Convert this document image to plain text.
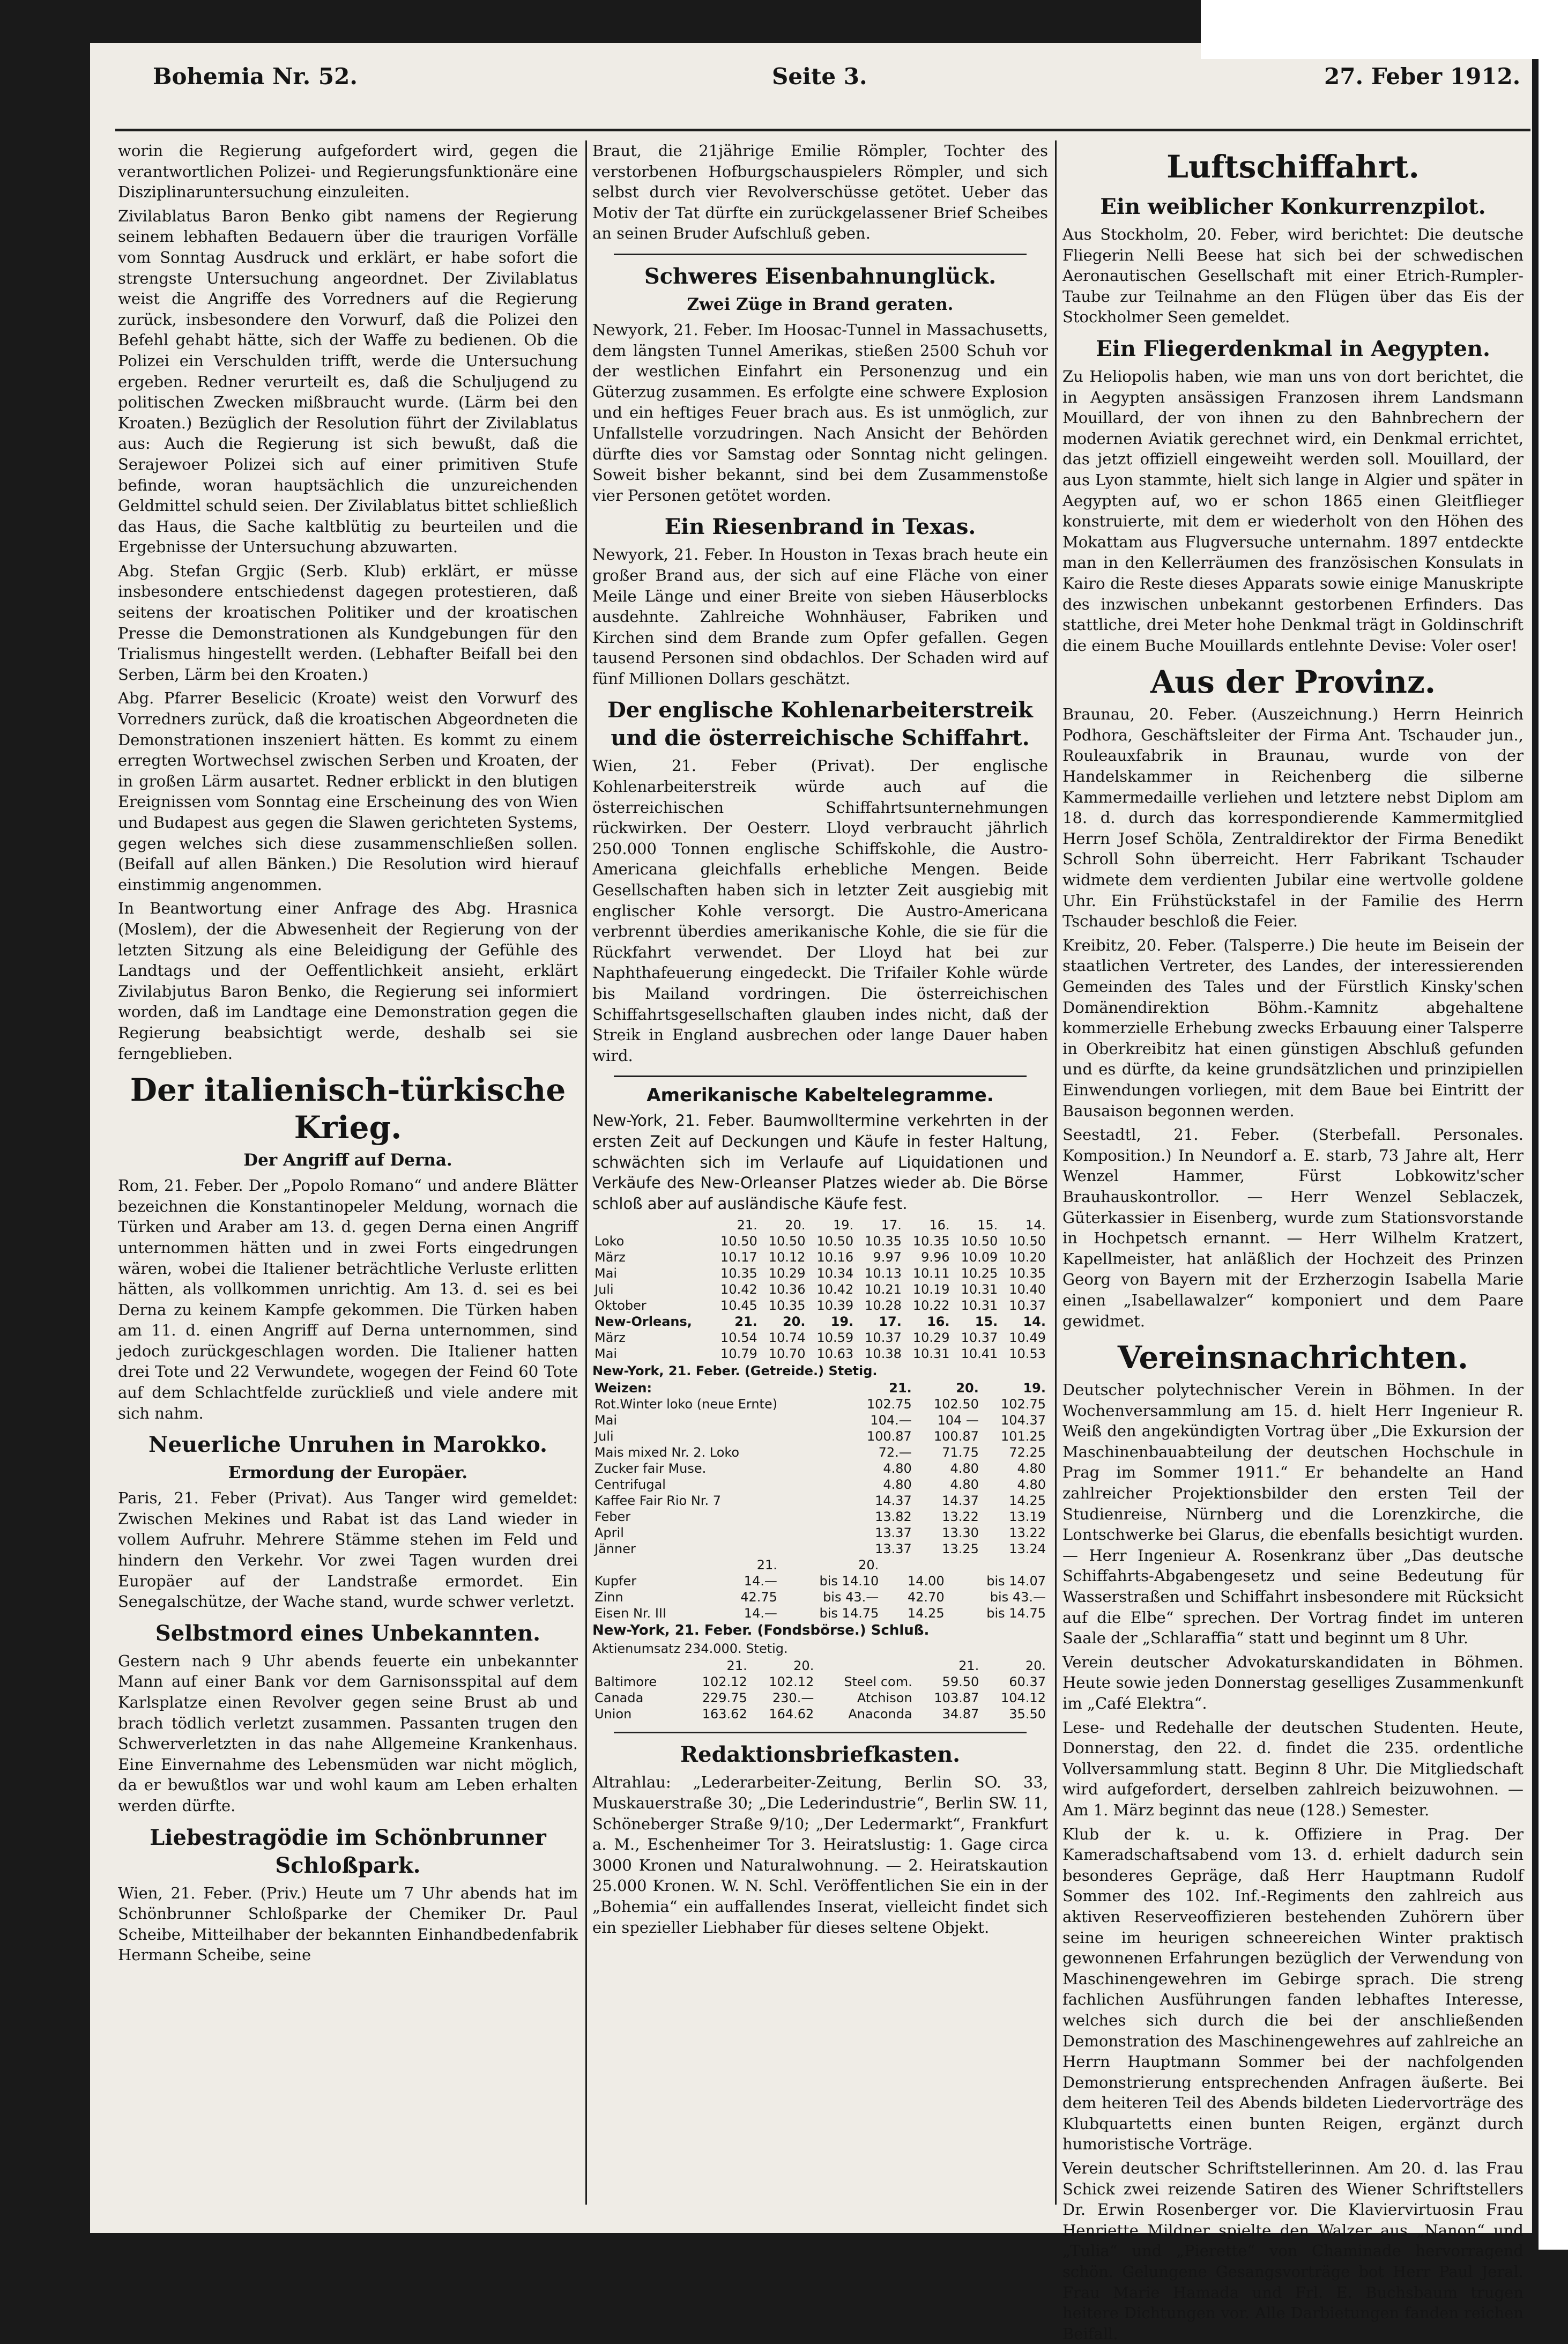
Bohemia Nr. 52.	Seite 3.	27. Feber 1912.

worin die Regierung aufgefordert wird, gegen die verantwortlichen Polizei- und Regierungsfunktionäre eine Disziplinaruntersuchung einzuleiten.

Zivilablatus Baron Benko gibt namens der Regierung seinem lebhaften Bedauern über die traurigen Vorfälle vom Sonntag Ausdruck und erklärt, er habe sofort die strengste Untersuchung angeordnet. Der Zivilablatus weist die Angriffe des Vorredners auf die Regierung zurück, insbesondere den Vorwurf, daß die Polizei den Befehl gehabt hätte, sich der Waffe zu bedienen. Ob die Polizei ein Verschulden trifft, werde die Untersuchung ergeben. Redner verurteilt es, daß die Schuljugend zu politischen Zwecken mißbraucht wurde. (Lärm bei den Kroaten.) Bezüglich der Resolution führt der Zivilablatus aus: Auch die Regierung ist sich bewußt, daß die Serajewoer Polizei sich auf einer primitiven Stufe befinde, woran hauptsächlich die unzureichenden Geldmittel schuld seien. Der Zivilablatus bittet schließlich das Haus, die Sache kaltblütig zu beurteilen und die Ergebnisse der Untersuchung abzuwarten.

Abg. Stefan Grgjic (Serb. Klub) erklärt, er müsse insbesondere entschiedenst dagegen protestieren, daß seitens der kroatischen Politiker und der kroatischen Presse die Demonstrationen als Kundgebungen für den Trialismus hingestellt werden. (Lebhafter Beifall bei den Serben, Lärm bei den Kroaten.)

Abg. Pfarrer Beselicic (Kroate) weist den Vorwurf des Vorredners zurück, daß die kroatischen Abgeordneten die Demonstrationen inszeniert hätten. Es kommt zu einem erregten Wortwechsel zwischen Serben und Kroaten, der in großen Lärm ausartet. Redner erblickt in den blutigen Ereignissen vom Sonntag eine Erscheinung des von Wien und Budapest aus gegen die Slawen gerichteten Systems, gegen welches sich diese zusammenschließen sollen. (Beifall auf allen Bänken.) Die Resolution wird hierauf einstimmig angenommen.

In Beantwortung einer Anfrage des Abg. Hrasnica (Moslem), der die Abwesenheit der Regierung von der letzten Sitzung als eine Beleidigung der Gefühle des Landtags und der Oeffentlichkeit ansieht, erklärt Zivilabjutus Baron Benko, die Regierung sei informiert worden, daß im Landtage eine Demonstration gegen die Regierung beabsichtigt werde, deshalb sei sie ferngeblieben.

Der italienisch-türkische Krieg.
Der Angriff auf Derna.

Rom, 21. Feber. Der „Popolo Romano“ und andere Blätter bezeichnen die Konstantinopeler Meldung, wornach die Türken und Araber am 13. d. gegen Derna einen Angriff unternommen hätten und in zwei Forts eingedrungen wären, wobei die Italiener beträchtliche Verluste erlitten hätten, als vollkommen unrichtig. Am 13. d. sei es bei Derna zu keinem Kampfe gekommen. Die Türken haben am 11. d. einen Angriff auf Derna unternommen, sind jedoch zurückgeschlagen worden. Die Italiener hatten drei Tote und 22 Verwundete, wogegen der Feind 60 Tote auf dem Schlachtfelde zurückließ und viele andere mit sich nahm.

Neuerliche Unruhen in Marokko.
Ermordung der Europäer.

Paris, 21. Feber (Privat). Aus Tanger wird gemeldet: Zwischen Mekines und Rabat ist das Land wieder in vollem Aufruhr. Mehrere Stämme stehen im Feld und hindern den Verkehr. Vor zwei Tagen wurden drei Europäer auf der Landstraße ermordet. Ein Senegalschütze, der Wache stand, wurde schwer verletzt.

Selbstmord eines Unbekannten.

Gestern nach 9 Uhr abends feuerte ein unbekannter Mann auf einer Bank vor dem Garnisonsspital auf dem Karlsplatze einen Revolver gegen seine Brust ab und brach tödlich verletzt zusammen. Passanten trugen den Schwerverletzten in das nahe Allgemeine Krankenhaus. Eine Einvernahme des Lebensmüden war nicht möglich, da er bewußtlos war und wohl kaum am Leben erhalten werden dürfte.

Liebestragödie im Schönbrunner Schloßpark.

Wien, 21. Feber. (Priv.) Heute um 7 Uhr abends hat im Schönbrunner Schloßparke der Chemiker Dr. Paul Scheibe, Mitteilhaber der bekannten Einhandbedenfabrik Hermann Scheibe, seine

Braut, die 21jährige Emilie Römpler, Tochter des verstorbenen Hofburgschauspielers Römpler, und sich selbst durch vier Revolverschüsse getötet. Ueber das Motiv der Tat dürfte ein zurückgelassener Brief Scheibes an seinen Bruder Aufschluß geben.

Schweres Eisenbahnunglück.
Zwei Züge in Brand geraten.

Newyork, 21. Feber. Im Hoosac-Tunnel in Massachusetts, dem längsten Tunnel Amerikas, stießen 2500 Schuh vor der westlichen Einfahrt ein Personenzug und ein Güterzug zusammen. Es erfolgte eine schwere Explosion und ein heftiges Feuer brach aus. Es ist unmöglich, zur Unfallstelle vorzudringen. Nach Ansicht der Behörden dürfte dies vor Samstag oder Sonntag nicht gelingen. Soweit bisher bekannt, sind bei dem Zusammenstoße vier Personen getötet worden.

Ein Riesenbrand in Texas.

Newyork, 21. Feber. In Houston in Texas brach heute ein großer Brand aus, der sich auf eine Fläche von einer Meile Länge und einer Breite von sieben Häuserblocks ausdehnte. Zahlreiche Wohnhäuser, Fabriken und Kirchen sind dem Brande zum Opfer gefallen. Gegen tausend Personen sind obdachlos. Der Schaden wird auf fünf Millionen Dollars geschätzt.

Der englische Kohlenarbeiterstreik und die österreichische Schiffahrt.

Wien, 21. Feber (Privat). Der englische Kohlenarbeiterstreik würde auch auf die österreichischen Schiffahrtsunternehmungen rückwirken. Der Oesterr. Lloyd verbraucht jährlich 250.000 Tonnen englische Schiffskohle, die Austro-Americana gleichfalls erhebliche Mengen. Beide Gesellschaften haben sich in letzter Zeit ausgiebig mit englischer Kohle versorgt. Die Austro-Americana verbrennt überdies amerikanische Kohle, die sie für die Rückfahrt verwendet. Der Lloyd hat bei zur Naphthafeuerung eingedeckt. Die Trifailer Kohle würde bis Mailand vordringen. Die österreichischen Schiffahrtsgesellschaften glauben indes nicht, daß der Streik in England ausbrechen oder lange Dauer haben wird.

Amerikanische Kabeltelegramme.

New-York, 21. Feber. Baumwolltermine verkehrten in der ersten Zeit auf Deckungen und Käufe in fester Haltung, schwächten sich im Verlaufe auf Liquidationen und Verkäufe des New-Orleanser Platzes wieder ab. Die Börse schloß aber auf ausländische Käufe fest.

	21.	20.	19.	17.	16.	15.	14.
Loko	10.50	10.50	10.50	10.35	10.35	10.50	10.50
März	10.17	10.12	10.16	9.97	9.96	10.09	10.20
Mai	10.35	10.29	10.34	10.13	10.11	10.25	10.35
Juli	10.42	10.36	10.42	10.21	10.19	10.31	10.40
Oktober	10.45	10.35	10.39	10.28	10.22	10.31	10.37
New-Orleans,	21.	20.	19.	17.	16.	15.	14.
März	10.54	10.74	10.59	10.37	10.29	10.37	10.49
Mai	10.79	10.70	10.63	10.38	10.31	10.41	10.53
New-York, 21. Feber. (Getreide.) Stetig.
Weizen:	21.	20.	19.
Rot.Winter loko (neue Ernte)	102.75	102.50	102.75
Mai	104.—	104 —	104.37
Juli	100.87	100.87	101.25
Mais mixed Nr. 2. Loko	72.—	71.75	72.25
Zucker fair Muse.	4.80	4.80	4.80
Centrifugal	4.80	4.80	4.80
Kaffee Fair Rio Nr. 7	14.37	14.37	14.25
Feber	13.82	13.22	13.19
April	13.37	13.30	13.22
Jänner	13.37	13.25	13.24
	21.	20.		
Kupfer	14.—	bis 14.10	14.00	bis 14.07
Zinn	42.75	bis 43.—	42.70	bis 43.—
Eisen Nr. III	14.—	bis 14.75	14.25	bis 14.75
New-York, 21. Feber. (Fondsbörse.) Schluß.
Aktienumsatz 234.000. Stetig.
	21.	20.		21.	20.
Baltimore	102.12	102.12	Steel com.	59.50	60.37
Canada	229.75	230.—	Atchison	103.87	104.12
Union	163.62	164.62	Anaconda	34.87	35.50
Redaktionsbriefkasten.

Altrahlau: „Lederarbeiter-Zeitung, Berlin SO. 33, Muskauerstraße 30; „Die Lederindustrie“, Berlin SW. 11, Schöneberger Straße 9/10; „Der Ledermarkt“, Frankfurt a. M., Eschenheimer Tor 3. Heiratslustig: 1. Gage circa 3000 Kronen und Naturalwohnung. — 2. Heiratskaution 25.000 Kronen. W. N. Schl. Veröffentlichen Sie ein in der „Bohemia“ ein auffallendes Inserat, vielleicht findet sich ein spezieller Liebhaber für dieses seltene Objekt.

Luftschiffahrt.
Ein weiblicher Konkurrenzpilot.

Aus Stockholm, 20. Feber, wird berichtet: Die deutsche Fliegerin Nelli Beese hat sich bei der schwedischen Aeronautischen Gesellschaft mit einer Etrich-Rumpler-Taube zur Teilnahme an den Flügen über das Eis der Stockholmer Seen gemeldet.

Ein Fliegerdenkmal in Aegypten.

Zu Heliopolis haben, wie man uns von dort berichtet, die in Aegypten ansässigen Franzosen ihrem Landsmann Mouillard, der von ihnen zu den Bahnbrechern der modernen Aviatik gerechnet wird, ein Denkmal errichtet, das jetzt offiziell eingeweiht werden soll. Mouillard, der aus Lyon stammte, hielt sich lange in Algier und später in Aegypten auf, wo er schon 1865 einen Gleitflieger konstruierte, mit dem er wiederholt von den Höhen des Mokattam aus Flugversuche unternahm. 1897 entdeckte man in den Kellerräumen des französischen Konsulats in Kairo die Reste dieses Apparats sowie einige Manuskripte des inzwischen unbekannt gestorbenen Erfinders. Das stattliche, drei Meter hohe Denkmal trägt in Goldinschrift die einem Buche Mouillards entlehnte Devise: Voler oser!

Aus der Provinz.

Braunau, 20. Feber. (Auszeichnung.) Herrn Heinrich Podhora, Geschäftsleiter der Firma Ant. Tschauder jun., Rouleauxfabrik in Braunau, wurde von der Handelskammer in Reichenberg die silberne Kammermedaille verliehen und letztere nebst Diplom am 18. d. durch das korrespondierende Kammermitglied Herrn Josef Schöla, Zentraldirektor der Firma Benedikt Schroll Sohn überreicht. Herr Fabrikant Tschauder widmete dem verdienten Jubilar eine wertvolle goldene Uhr. Ein Frühstückstafel in der Familie des Herrn Tschauder beschloß die Feier.

Kreibitz, 20. Feber. (Talsperre.) Die heute im Beisein der staatlichen Vertreter, des Landes, der interessierenden Gemeinden des Tales und der Fürstlich Kinsky'schen Domänendirektion Böhm.-Kamnitz abgehaltene kommerzielle Erhebung zwecks Erbauung einer Talsperre in Oberkreibitz hat einen günstigen Abschluß gefunden und es dürfte, da keine grundsätzlichen und prinzipiellen Einwendungen vorliegen, mit dem Baue bei Eintritt der Bausaison begonnen werden.

Seestadtl, 21. Feber. (Sterbefall. Personales. Komposition.) In Neundorf a. E. starb, 73 Jahre alt, Herr Wenzel Hammer, Fürst Lobkowitz'scher Brauhauskontrollor. — Herr Wenzel Seblaczek, Güterkassier in Eisenberg, wurde zum Stationsvorstande in Hochpetsch ernannt. — Herr Wilhelm Kratzert, Kapellmeister, hat anläßlich der Hochzeit des Prinzen Georg von Bayern mit der Erzherzogin Isabella Marie einen „Isabellawalzer“ komponiert und dem Paare gewidmet.

Vereinsnachrichten.

Deutscher polytechnischer Verein in Böhmen. In der Wochenversammlung am 15. d. hielt Herr Ingenieur R. Weiß den angekündigten Vortrag über „Die Exkursion der Maschinenbauabteilung der deutschen Hochschule in Prag im Sommer 1911.“ Er behandelte an Hand zahlreicher Projektionsbilder den ersten Teil der Studienreise, Nürnberg und die Lorenzkirche, die Lontschwerke bei Glarus, die ebenfalls besichtigt wurden. — Herr Ingenieur A. Rosenkranz über „Das deutsche Schiffahrts-Abgabengesetz und seine Bedeutung für Wasserstraßen und Schiffahrt insbesondere mit Rücksicht auf die Elbe“ sprechen. Der Vortrag findet im unteren Saale der „Schlaraffia“ statt und beginnt um 8 Uhr.

Verein deutscher Advokaturskandidaten in Böhmen. Heute sowie jeden Donnerstag geselliges Zusammenkunft im „Café Elektra“.

Lese- und Redehalle der deutschen Studenten. Heute, Donnerstag, den 22. d. findet die 235. ordentliche Vollversammlung statt. Beginn 8 Uhr. Die Mitgliedschaft wird aufgefordert, derselben zahlreich beizuwohnen. — Am 1. März beginnt das neue (128.) Semester.

Klub der k. u. k. Offiziere in Prag. Der Kameradschaftsabend vom 13. d. erhielt dadurch sein besonderes Gepräge, daß Herr Hauptmann Rudolf Sommer des 102. Inf.-Regiments den zahlreich aus aktiven Reserveoffizieren bestehenden Zuhörern über seine im heurigen schneereichen Winter praktisch gewonnenen Erfahrungen bezüglich der Verwendung von Maschinengewehren im Gebirge sprach. Die streng fachlichen Ausführungen fanden lebhaftes Interesse, welches sich durch die bei der anschließenden Demonstration des Maschinengewehres auf zahlreiche an Herrn Hauptmann Sommer bei der nachfolgenden Demonstrierung entsprechenden Anfragen äußerte. Bei dem heiteren Teil des Abends bildeten Liedervorträge des Klubquartetts einen bunten Reigen, ergänzt durch humoristische Vorträge.

Verein deutscher Schriftstellerinnen. Am 20. d. las Frau Schick zwei reizende Satiren des Wiener Schriftstellers Dr. Erwin Rosenberger vor. Die Klaviervirtuosin Frau Henriette Mildner spielte den Walzer aus „Nanon“ und „Tulia“ und „Pierette“ von Chaminade hervorragend schön. Gelungene Gesangsvorträge bot Herr Paul Jeral. Frau Marie Hamada und Frl. E. Buchsbaum trugen heitere Dichtungen vor. Alle Darbietungen fanden reichen Beifall.
